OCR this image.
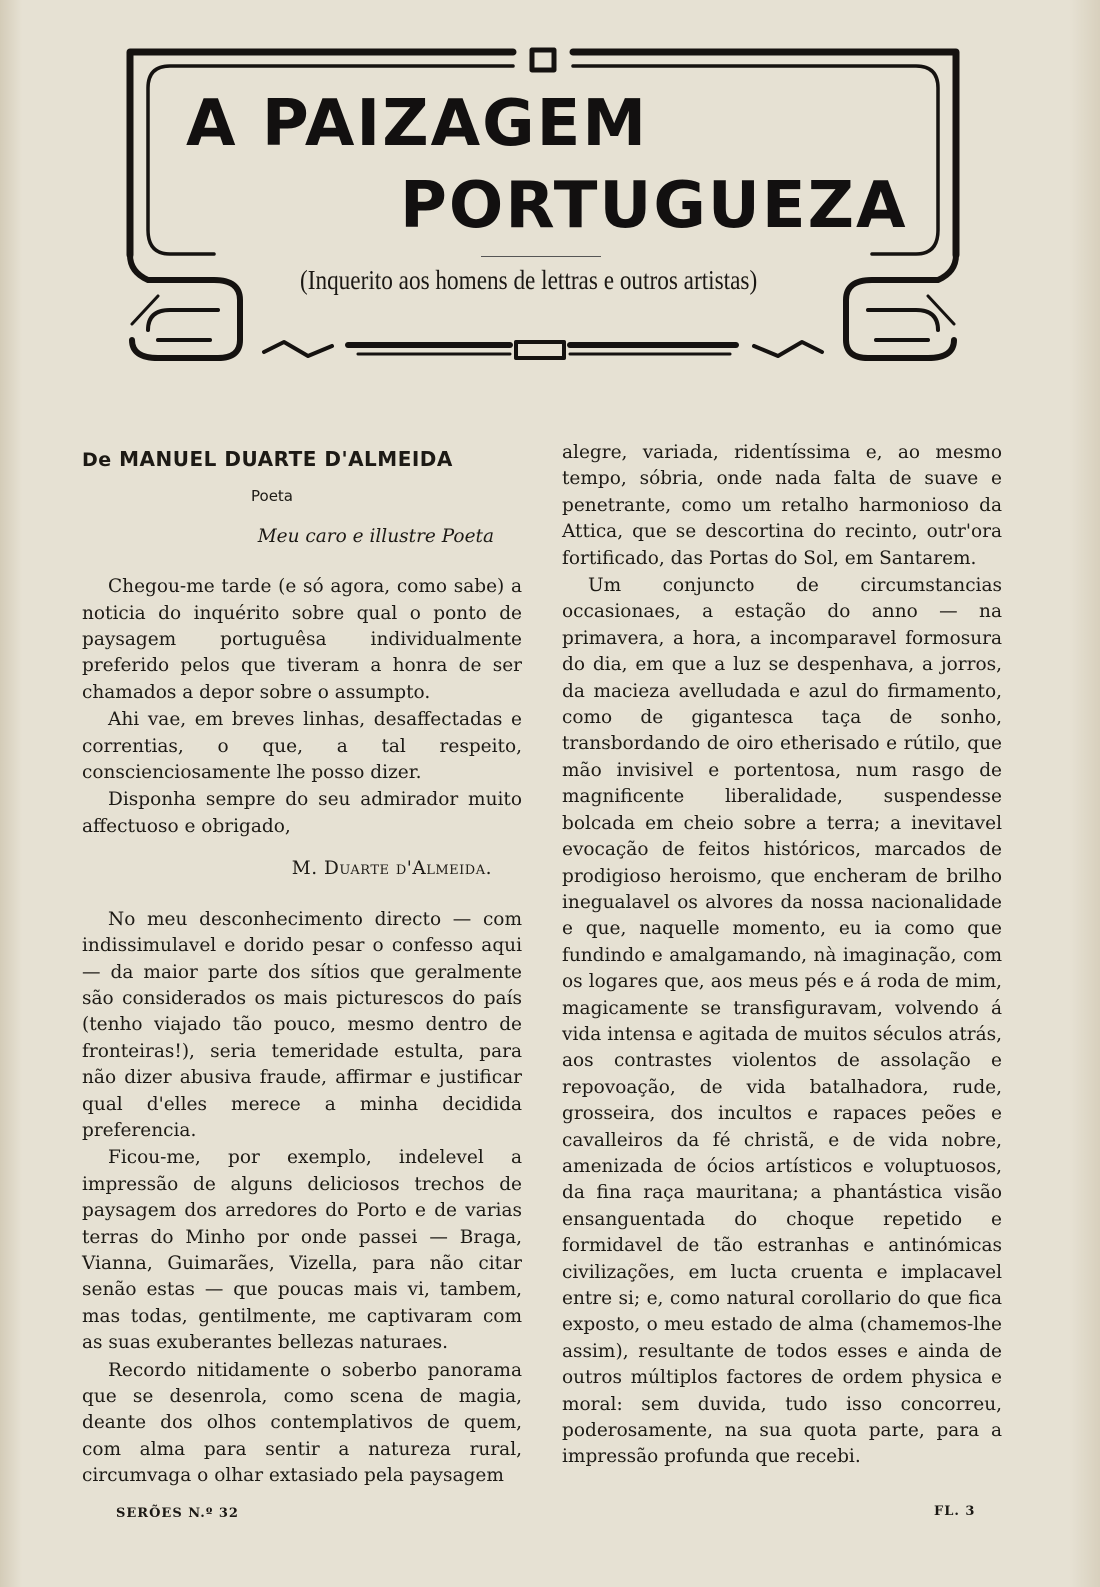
A PAIZAGEM
PORTUGUEZA
(Inquerito aos homens de lettras e outros artistas)
De MANUEL DUARTE D'ALMEIDA
Poeta
Meu caro e illustre Poeta

Chegou-me tarde (e só agora, como sabe) a noticia do inquérito sobre qual o ponto de paysagem portuguêsa individualmente preferido pelos que tiveram a honra de ser chamados a depor sobre o assumpto.

Ahi vae, em breves linhas, desaffectadas e correntias, o que, a tal respeito, conscienciosamente lhe posso dizer.

Disponha sempre do seu admirador muito affectuoso e obrigado,

M. Duarte d'Almeida.

No meu desconhecimento directo — com indissimulavel e dorido pesar o confesso aqui — da maior parte dos sítios que geralmente são considerados os mais picturescos do país (tenho viajado tão pouco, mesmo dentro de fronteiras!), seria temeridade estulta, para não dizer abusiva fraude, affirmar e justificar qual d'elles merece a minha decidida preferencia.

Ficou-me, por exemplo, indelevel a impressão de alguns deliciosos trechos de paysagem dos arredores do Porto e de varias terras do Minho por onde passei — Braga, Vianna, Guimarães, Vizella, para não citar senão estas — que poucas mais vi, tambem, mas todas, gentilmente, me captivaram com as suas exuberantes bellezas naturaes.

Recordo nitidamente o soberbo panorama que se desenrola, como scena de magia, deante dos olhos contemplativos de quem, com alma para sentir a natureza rural, circumvaga o olhar extasiado pela paysagem

alegre, variada, ridentíssima e, ao mesmo tempo, sóbria, onde nada falta de suave e penetrante, como um retalho harmonioso da Attica, que se descortina do recinto, outr'ora fortificado, das Portas do Sol, em Santarem.

Um conjuncto de circumstancias occasionaes, a estação do anno — na primavera, a hora, a incomparavel formosura do dia, em que a luz se despenhava, a jorros, da macieza avelludada e azul do firmamento, como de gigantesca taça de sonho, transbordando de oiro etherisado e rútilo, que mão invisivel e portentosa, num rasgo de magnificente liberalidade, suspendesse bolcada em cheio sobre a terra; a inevitavel evocação de feitos históricos, marcados de prodigioso heroismo, que encheram de brilho inegualavel os alvores da nossa nacionalidade e que, naquelle momento, eu ia como que fundindo e amalgamando, nà imaginação, com os logares que, aos meus pés e á roda de mim, magicamente se transfiguravam, volvendo á vida intensa e agitada de muitos séculos atrás, aos contrastes violentos de assolação e repovoação, de vida batalhadora, rude, grosseira, dos incultos e rapaces peões e cavalleiros da fé christã, e de vida nobre, amenizada de ócios artísticos e voluptuosos, da fina raça mauritana; a phantástica visão ensanguentada do choque repetido e formidavel de tão estranhas e antinómicas civilizações, em lucta cruenta e implacavel entre si; e, como natural corollario do que fica exposto, o meu estado de alma (chamemos-lhe assim), resultante de todos esses e ainda de outros múltiplos factores de ordem physica e moral: sem duvida, tudo isso concorreu, poderosamente, na sua quota parte, para a impressão profunda que recebi.

SERÕES N.º 32	FL. 3
